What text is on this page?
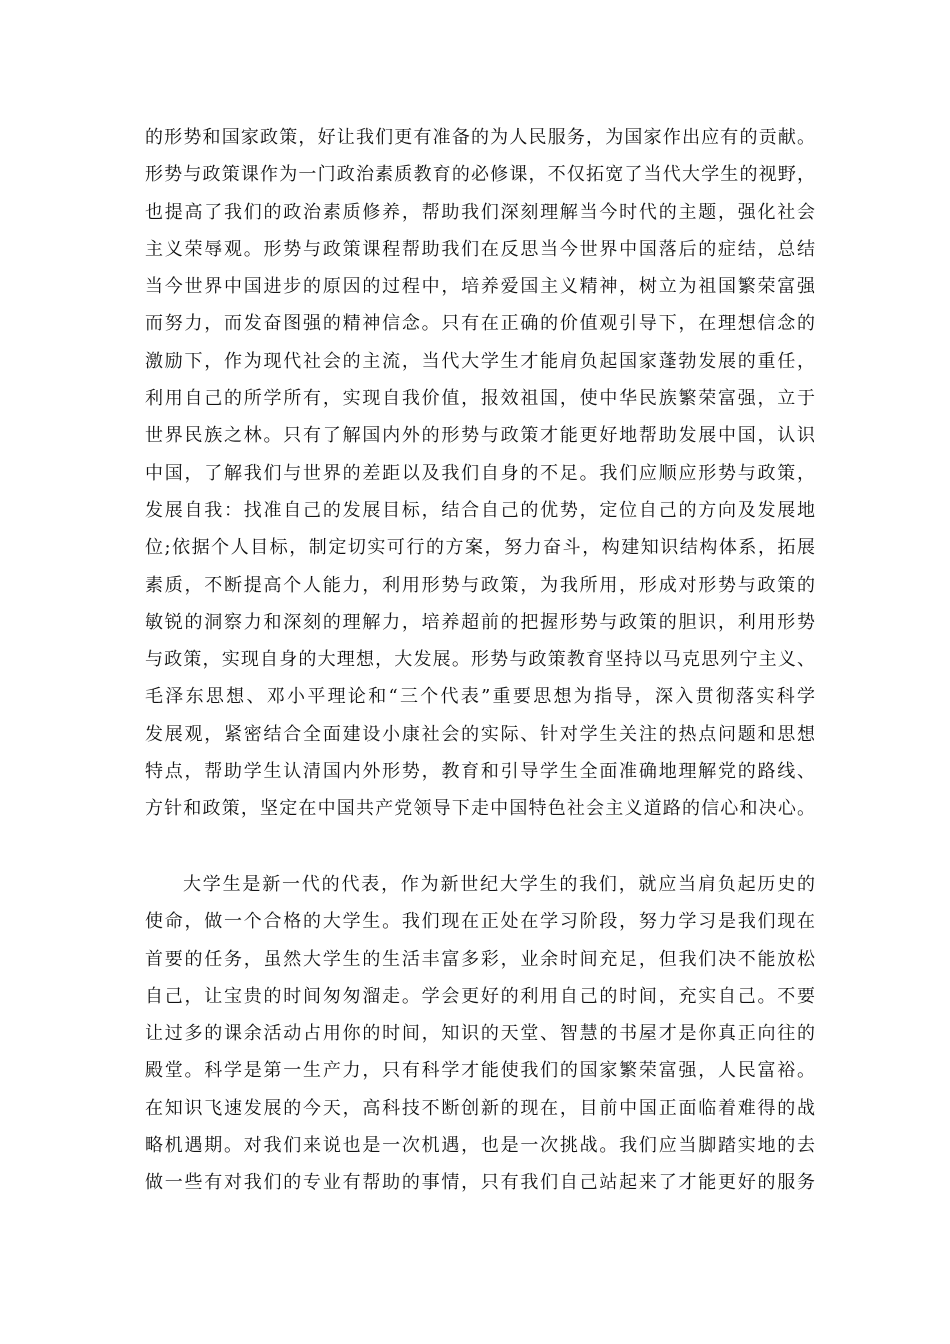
的形势和国家政策，好让我们更有准备的为人民服务，为国家作出应有的贡献。
形势与政策课作为一门政治素质教育的必修课，不仅拓宽了当代大学生的视野，
也提高了我们的政治素质修养，帮助我们深刻理解当今时代的主题，强化社会
主义荣辱观。形势与政策课程帮助我们在反思当今世界中国落后的症结，总结
当今世界中国进步的原因的过程中，培养爱国主义精神，树立为祖国繁荣富强
而努力，而发奋图强的精神信念。只有在正确的价值观引导下，在理想信念的
激励下，作为现代社会的主流，当代大学生才能肩负起国家蓬勃发展的重任，
利用自己的所学所有，实现自我价值，报效祖国，使中华民族繁荣富强，立于
世界民族之林。只有了解国内外的形势与政策才能更好地帮助发展中国，认识
中国，了解我们与世界的差距以及我们自身的不足。我们应顺应形势与政策，
发展自我：找准自己的发展目标，结合自己的优势，定位自己的方向及发展地
位;依据个人目标，制定切实可行的方案，努力奋斗，构建知识结构体系，拓展
素质，不断提高个人能力，利用形势与政策，为我所用，形成对形势与政策的
敏锐的洞察力和深刻的理解力，培养超前的把握形势与政策的胆识，利用形势
与政策，实现自身的大理想，大发展。形势与政策教育坚持以马克思列宁主义、
毛泽东思想、邓小平理论和“三个代表”重要思想为指导，深入贯彻落实科学
发展观，紧密结合全面建设小康社会的实际、针对学生关注的热点问题和思想
特点，帮助学生认清国内外形势，教育和引导学生全面准确地理解党的路线、
方针和政策，坚定在中国共产党领导下走中国特色社会主义道路的信心和决心。
大学生是新一代的代表，作为新世纪大学生的我们，就应当肩负起历史的
使命，做一个合格的大学生。我们现在正处在学习阶段，努力学习是我们现在
首要的任务，虽然大学生的生活丰富多彩，业余时间充足，但我们决不能放松
自己，让宝贵的时间匆匆溜走。学会更好的利用自己的时间，充实自己。不要
让过多的课余活动占用你的时间，知识的天堂、智慧的书屋才是你真正向往的
殿堂。科学是第一生产力，只有科学才能使我们的国家繁荣富强，人民富裕。
在知识飞速发展的今天，高科技不断创新的现在，目前中国正面临着难得的战
略机遇期。对我们来说也是一次机遇，也是一次挑战。我们应当脚踏实地的去
做一些有对我们的专业有帮助的事情，只有我们自己站起来了才能更好的服务
